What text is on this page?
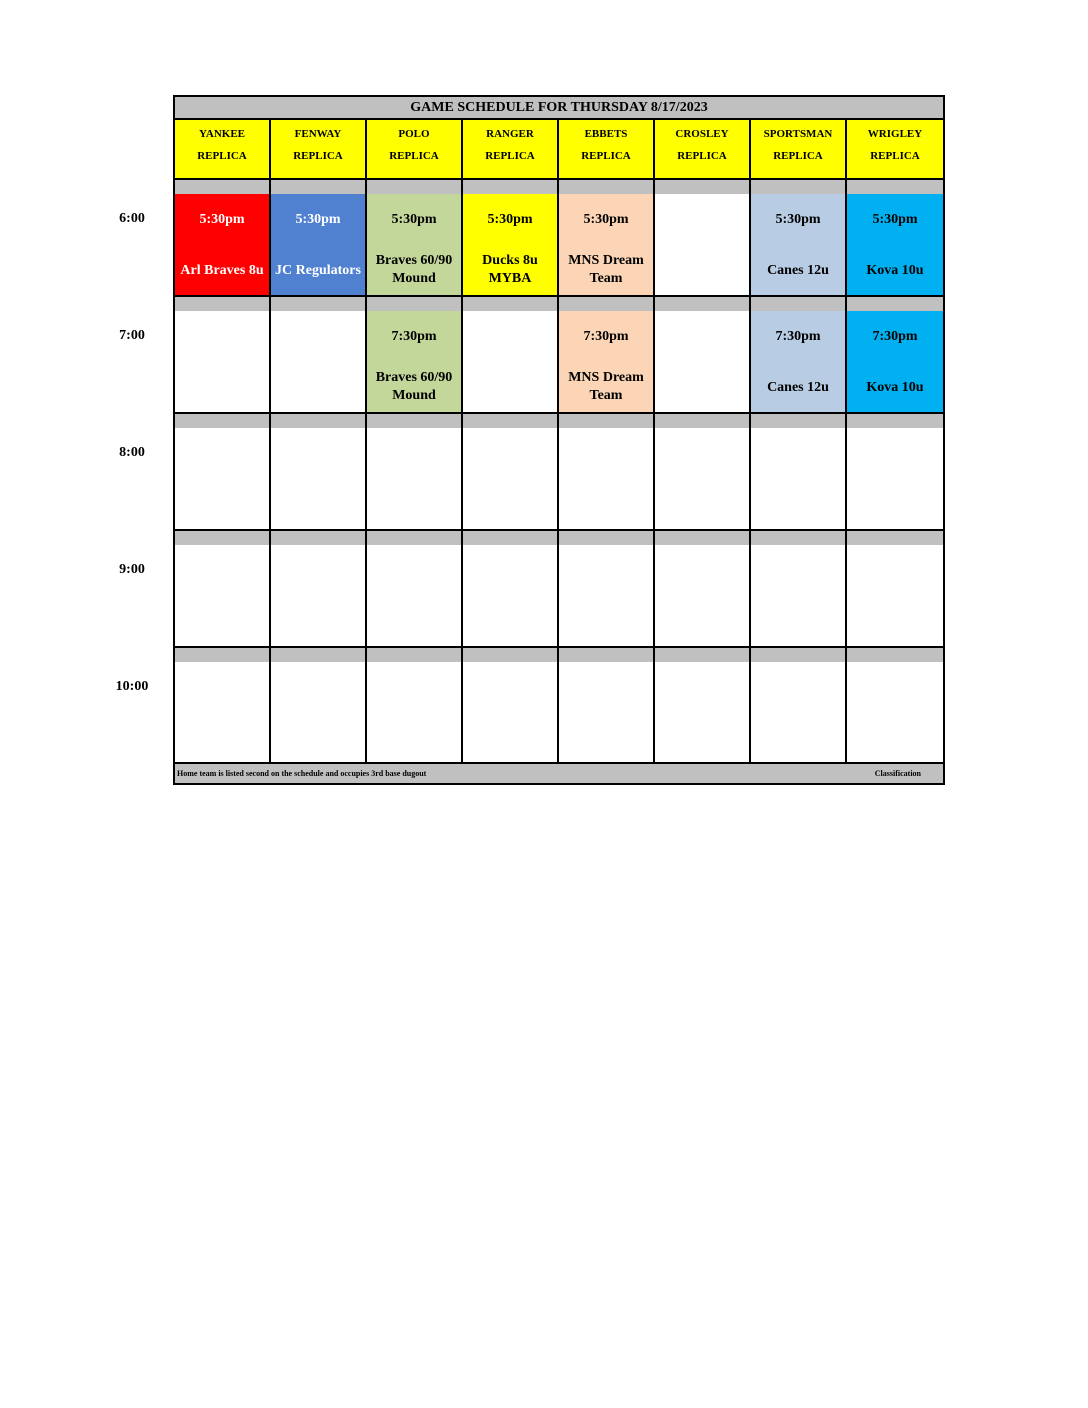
6:00
7:00
8:00
9:00
10:00
GAME SCHEDULE FOR THURSDAY 8/17/2023
YANKEE
REPLICA
FENWAY
REPLICA
POLO
REPLICA
RANGER
REPLICA
EBBETS
REPLICA
CROSLEY
REPLICA
SPORTSMAN
REPLICA
WRIGLEY
REPLICA
5:30pm
Arl Braves 8u
5:30pm
JC Regulators
5:30pm
Braves 60/90 Mound
5:30pm
Ducks 8u MYBA
5:30pm
MNS Dream Team
5:30pm
Canes 12u
5:30pm
Kova 10u
7:30pm
Braves 60/90 Mound
7:30pm
MNS Dream Team
7:30pm
Canes 12u
7:30pm
Kova 10u
Home team is listed second on the schedule and occupies 3rd base dugout	Classification
